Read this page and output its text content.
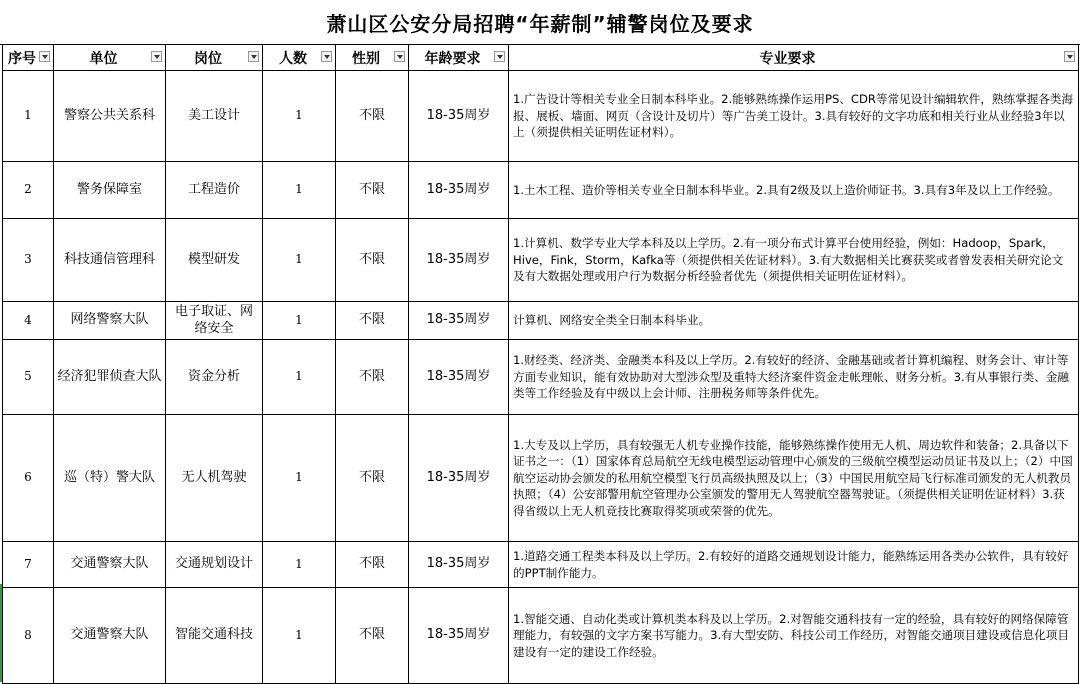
萧山区公安分局招聘“年薪制”辅警岗位及要求
序号	单位	岗位	人数	性别	年龄要求	专业要求

1	警察公共关系科	美工设计	1	不限	18-35周岁	1.广告设计等相关专业全日制本科毕业。2.能够熟练操作运用PS、CDR等常见设计编辑软件，熟练掌握各类海报、展板、墙面、网页（含设计及切片）等广告美工设计。3.具有较好的文字功底和相关行业从业经验3年以上（须提供相关证明佐证材料）。
2	警务保障室	工程造价	1	不限	18-35周岁	1.土木工程、造价等相关专业全日制本科毕业。2.具有2级及以上造价师证书。3.具有3年及以上工作经验。
3	科技通信管理科	模型研发	1	不限	18-35周岁	1.计算机、数学专业大学本科及以上学历。2.有一项分布式计算平台使用经验，例如：Hadoop，Spark，Hive，Fink，Storm，Kafka等（须提供相关佐证材料）。3.有大数据相关比赛获奖或者曾发表相关研究论文及有大数据处理或用户行为数据分析经验者优先（须提供相关证明佐证材料）。
4	网络警察大队	电子取证、网络安全	1	不限	18-35周岁	计算机、网络安全类全日制本科毕业。
5	经济犯罪侦查大队	资金分析	1	不限	18-35周岁	1.财经类、经济类、金融类本科及以上学历。2.有较好的经济、金融基础或者计算机编程、财务会计、审计等方面专业知识，能有效协助对大型涉众型及重特大经济案件资金走帐理帐、财务分析。3.有从事银行类、金融类等工作经验及有中级以上会计师、注册税务师等条件优先。
6	巡（特）警大队	无人机驾驶	1	不限	18-35周岁	1.大专及以上学历，具有较强无人机专业操作技能，能够熟练操作使用无人机、周边软件和装备；2.具备以下证书之一：（1）国家体育总局航空无线电模型运动管理中心颁发的三级航空模型运动员证书及以上；（2）中国航空运动协会颁发的私用航空模型飞行员高级执照及以上；（3）中国民用航空局飞行标准司颁发的无人机教员执照；（4）公安部警用航空管理办公室颁发的警用无人驾驶航空器驾驶证。（须提供相关证明佐证材料）3.获得省级以上无人机竞技比赛取得奖项或荣誉的优先。
7	交通警察大队	交通规划设计	1	不限	18-35周岁	1.道路交通工程类本科及以上学历。2.有较好的道路交通规划设计能力，能熟练运用各类办公软件，具有较好的PPT制作能力。
8	交通警察大队	智能交通科技	1	不限	18-35周岁	1.智能交通、自动化类或计算机类本科及以上学历。2.对智能交通科技有一定的经验，具有较好的网络保障管理能力，有较强的文字方案书写能力。3.有大型安防、科技公司工作经历，对智能交通项目建设或信息化项目建设有一定的建设工作经验。
